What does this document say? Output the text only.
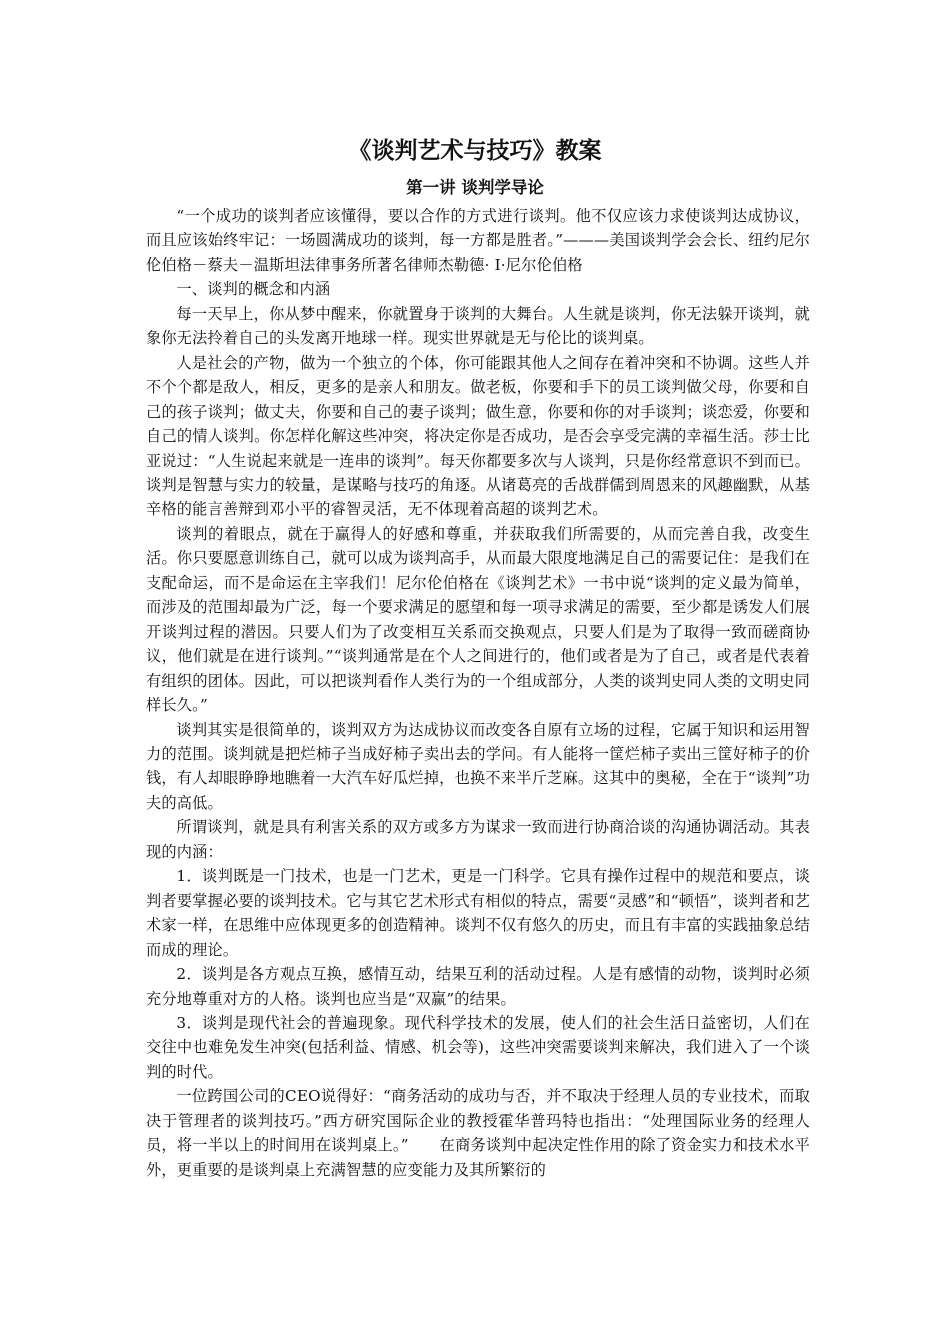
《谈判艺术与技巧》教案
第一讲 谈判学导论

“一个成功的谈判者应该懂得，要以合作的方式进行谈判。他不仅应该力求使谈判达成协议，而且应该始终牢记：一场圆满成功的谈判，每一方都是胜者。”———美国谈判学会会长、纽约尼尔伦伯格－蔡夫－温斯坦法律事务所著名律师杰勒德· I·尼尔伦伯格

一、谈判的概念和内涵

每一天早上，你从梦中醒来，你就置身于谈判的大舞台。人生就是谈判，你无法躲开谈判，就象你无法拎着自己的头发离开地球一样。现实世界就是无与伦比的谈判桌。

人是社会的产物，做为一个独立的个体，你可能跟其他人之间存在着冲突和不协调。这些人并不个个都是敌人，相反，更多的是亲人和朋友。做老板，你要和手下的员工谈判做父母，你要和自己的孩子谈判；做丈夫，你要和自己的妻子谈判；做生意，你要和你的对手谈判；谈恋爱，你要和自己的情人谈判。你怎样化解这些冲突，将决定你是否成功，是否会享受完满的幸福生活。莎士比亚说过：“人生说起来就是一连串的谈判”。每天你都要多次与人谈判，只是你经常意识不到而已。谈判是智慧与实力的较量，是谋略与技巧的角逐。从诸葛亮的舌战群儒到周恩来的风趣幽默，从基辛格的能言善辩到邓小平的睿智灵活，无不体现着高超的谈判艺术。

谈判的着眼点，就在于赢得人的好感和尊重，并获取我们所需要的，从而完善自我，改变生活。你只要愿意训练自己，就可以成为谈判高手，从而最大限度地满足自己的需要记住：是我们在支配命运，而不是命运在主宰我们！尼尔伦伯格在《谈判艺术》一书中说“谈判的定义最为简单，而涉及的范围却最为广泛，每一个要求满足的愿望和每一项寻求满足的需要，至少都是诱发人们展开谈判过程的潜因。只要人们为了改变相互关系而交换观点，只要人们是为了取得一致而磋商协议，他们就是在进行谈判。”“谈判通常是在个人之间进行的，他们或者是为了自己，或者是代表着有组织的团体。因此，可以把谈判看作人类行为的一个组成部分，人类的谈判史同人类的文明史同样长久。”

谈判其实是很简单的，谈判双方为达成协议而改变各自原有立场的过程，它属于知识和运用智力的范围。谈判就是把烂柿子当成好柿子卖出去的学问。有人能将一筐烂柿子卖出三筐好柿子的价钱，有人却眼睁睁地瞧着一大汽车好瓜烂掉，也换不来半斤芝麻。这其中的奥秘，全在于“谈判”功夫的高低。

所谓谈判，就是具有利害关系的双方或多方为谋求一致而进行协商洽谈的沟通协调活动。其表现的内涵：

1．谈判既是一门技术，也是一门艺术，更是一门科学。它具有操作过程中的规范和要点，谈判者要掌握必要的谈判技术。它与其它艺术形式有相似的特点，需要“灵感”和“顿悟”，谈判者和艺术家一样，在思维中应体现更多的创造精神。谈判不仅有悠久的历史，而且有丰富的实践抽象总结而成的理论。

2．谈判是各方观点互换，感情互动，结果互利的活动过程。人是有感情的动物，谈判时必须充分地尊重对方的人格。谈判也应当是“双赢”的结果。

3．谈判是现代社会的普遍现象。现代科学技术的发展，使人们的社会生活日益密切，人们在交往中也难免发生冲突(包括利益、情感、机会等)，这些冲突需要谈判来解决，我们进入了一个谈判的时代。

一位跨国公司的CEO说得好：“商务活动的成功与否，并不取决于经理人员的专业技术，而取决于管理者的谈判技巧。”西方研究国际企业的教授霍华普玛特也指出：“处理国际业务的经理人员，将一半以上的时间用在谈判桌上。”　　在商务谈判中起决定性作用的除了资金实力和技术水平外，更重要的是谈判桌上充满智慧的应变能力及其所繁衍的
